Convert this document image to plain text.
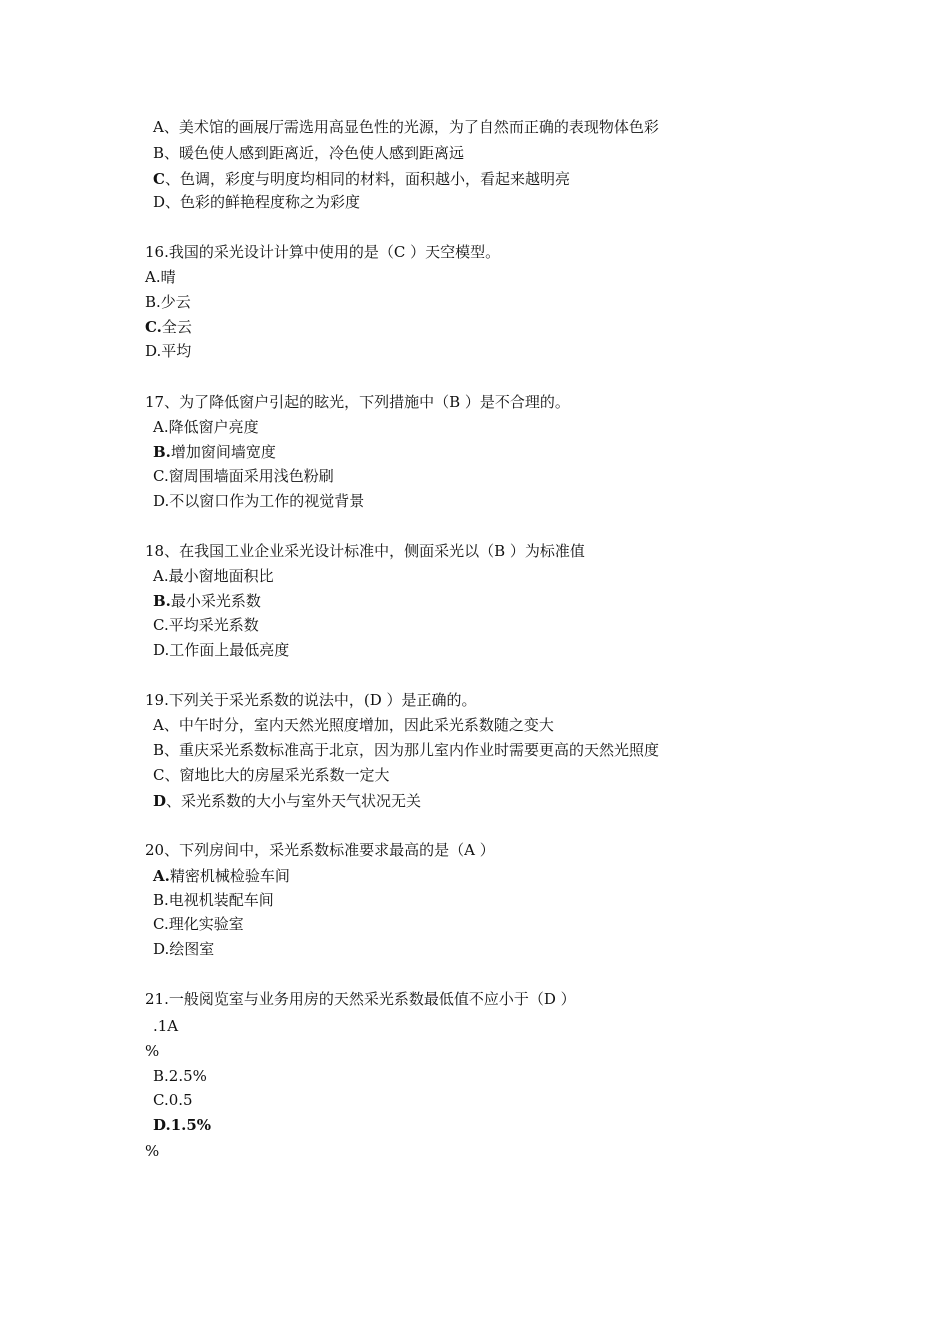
A、美术馆的画展厅需选用高显色性的光源，为了自然而正确的表现物体色彩
B、暖色使人感到距离近，冷色使人感到距离远
C、色调，彩度与明度均相同的材料，面积越小，看起来越明亮
D、色彩的鲜艳程度称之为彩度
16.我国的采光设计计算中使用的是（C ）天空模型。
A.晴
B.少云
C.全云
D.平均
17、为了降低窗户引起的眩光，下列措施中（B ）是不合理的。
A.降低窗户亮度
B.增加窗间墙宽度
C.窗周围墙面采用浅色粉刷
D.不以窗口作为工作的视觉背景
18、在我国工业企业采光设计标准中，侧面采光以（B ）为标准值
A.最小窗地面积比
B.最小采光系数
C.平均采光系数
D.工作面上最低亮度
19.下列关于采光系数的说法中，(D ）是正确的。
A、中午时分，室内天然光照度增加，因此采光系数随之变大
B、重庆采光系数标准高于北京，因为那儿室内作业时需要更高的天然光照度
C、窗地比大的房屋采光系数一定大
D、采光系数的大小与室外天气状况无关
20、下列房间中，采光系数标准要求最高的是（A ）
A.精密机械检验车间
B.电视机装配车间
C.理化实验室
D.绘图室
21.一般阅览室与业务用房的天然采光系数最低值不应小于（D ）
.1A
%
B.2.5%
C.0.5
D.1.5%
%
